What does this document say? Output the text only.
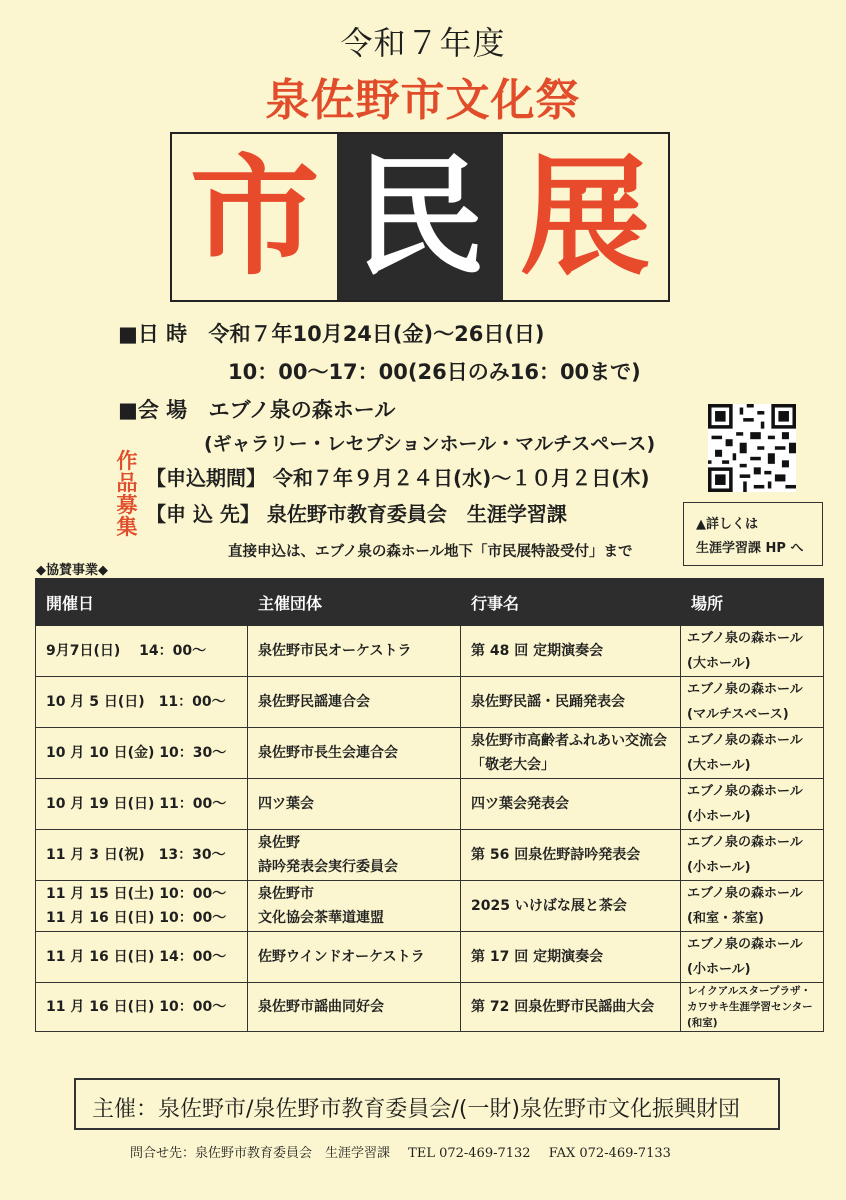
令和７年度
泉佐野市文化祭
市 民 展
■日 時 令和７年10月24日(金)～26日(日)
10：00～17：00(26日のみ16：00まで)
■会 場 エブノ泉の森ホール
(ギャラリー・レセプションホール・マルチスペース)
作
品
募
集
【申込期間】 令和７年９月２４日(水)～１０月２日(木)
【申 込 先】 泉佐野市教育委員会　生涯学習課
直接申込は、エブノ泉の森ホール地下「市民展特設受付」まで
▲詳しくは
生涯学習課 HP へ
◆協賛事業◆
開催日	主催団体	行事名	場所

9月7日(日)　 14：00～	泉佐野市民オーケストラ	第 48 回 定期演奏会	エブノ泉の森ホール
(大ホール)

10 月 5 日(日)　11：00～	泉佐野民謡連合会	泉佐野民謡・民踊発表会	エブノ泉の森ホール
(マルチスペース)

10 月 10 日(金) 10：30～	泉佐野市長生会連合会	泉佐野市高齢者ふれあい交流会
「敬老大会」	エブノ泉の森ホール
(大ホール)

10 月 19 日(日) 11：00～	四ツ葉会	四ツ葉会発表会	エブノ泉の森ホール
(小ホール)

11 月 3 日(祝)　13：30～	泉佐野
詩吟発表会実行委員会	第 56 回泉佐野詩吟発表会	エブノ泉の森ホール
(小ホール)

11 月 15 日(土) 10：00～
11 月 16 日(日) 10：00～	泉佐野市
文化協会茶華道連盟	2025 いけばな展と茶会	エブノ泉の森ホール
(和室・茶室)

11 月 16 日(日) 14：00～	佐野ウインドオーケストラ	第 17 回 定期演奏会	エブノ泉の森ホール
(小ホール)

11 月 16 日(日) 10：00～	泉佐野市謡曲同好会	第 72 回泉佐野市民謡曲大会	レイクアルスタープラザ・
カワサキ生涯学習センター
(和室)
主催：泉佐野市/泉佐野市教育委員会/(一財)泉佐野市文化振興財団
問合せ先：泉佐野市教育委員会　生涯学習課 TEL 072-469-7132 FAX 072-469-7133
